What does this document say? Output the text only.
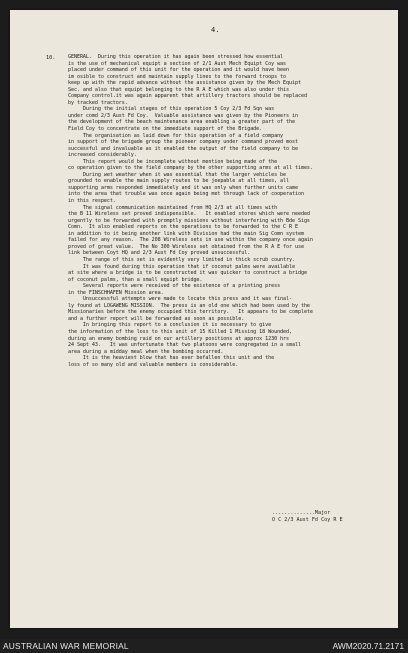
4.
10. GENERAL.  During this operation it has again been stressed how essential
is the use of mechanical equipt a section of 2/1 Aust Mech Equipt Coy was
placed under command of this unit for the operation and it would have been
im osible to construct and maintain supply lines to the forward troops to
keep up with the rapid advance without the assistance given by the Mech Equipt
Sec. and also that equipt belonging to the R A E which was also under this
Company control.it was again apparent that artillery tractors should be replaced
by tracked tractors.
During the initial stages of this operation 5 Coy 2/3 Fd Sqn was
under comd 2/3 Aust Fd Coy.  Valuable assistance was given by the Pioneers in
the development of the beach maintenance area enabling a greater part of the
Field Coy to concentrate on the immediate support of the Brigade.
The organisation as laid down for this operation of a field company
in support of the brigade group the pioneer company under command proved most
successful and invaluable as it enabled the output of the field company to be
increased considerably.
This report would be incomplete without mention being made of the
co operation given to the field company by the other supporting arms at all times.
During wet weather when it was essential that the larger vehicles be
grounded to enable the main supply routes to be jeepable at all times, all
supporting arms responded immediately and it was only when further units came
into the area that trouble was once again being met through lack of cooperation
in this respect.
The signal communication maintained from HQ 2/3 at all times with
the B 11 Wireless set proved indispensible.   It enabled stores which were needed
urgently to be forwarded with promptly missions without interfering with Bde Sigs
Comn.  It also enabled reports on the operations to be forwarded to the C R E
in addition to it being another link with Division had the main Sig Comn system
failed for any reason.  The 208 Wireless sets in use within the company once again
proved of great value.  The No 300 Wireless set obtained from the R A E for use
link between Coyt HQ and 2/3 Aust Fd Coy proved unsuccessful.
The range of this set is evidently very limited in thick scrub country.
It was found during this operation that if coconut palms were available
at site where a bridge is to be constructed it was quicker to construct a bridge
of coconut palms, than a small equipt bridge.
Several reports were received of the existence of a printing press
in the FINSCHHAFEN Mission area.
Unsuccessful attempts were made to locate this press and it was final-
ly found at LOGAWENG MISSION.  The press is an old one which had been used by the
Missionaries before the enemy occupied this territory.   It appears to be complete
and a further report will be forwarded as soon as possible.
In bringing this report to a conclusion it is necessary to give
the information of the loss to this unit of 15 Killed 1 Missing 18 Wounded,
during an enemy bombing raid on our artillery positions at approx 1230 hrs
24 Sept 43.   It was unfortunate that two platoons were congregated in a small
area during a midday meal when the bombing occurred.
It is the heaviest blow that has ever befallen this unit and the
loss of so many old and valuable members is considerable.
..............Major
O C 2/3 Aust Fd Coy R E
AUSTRALIAN WAR MEMORIAL	AWM2020.71.2171
